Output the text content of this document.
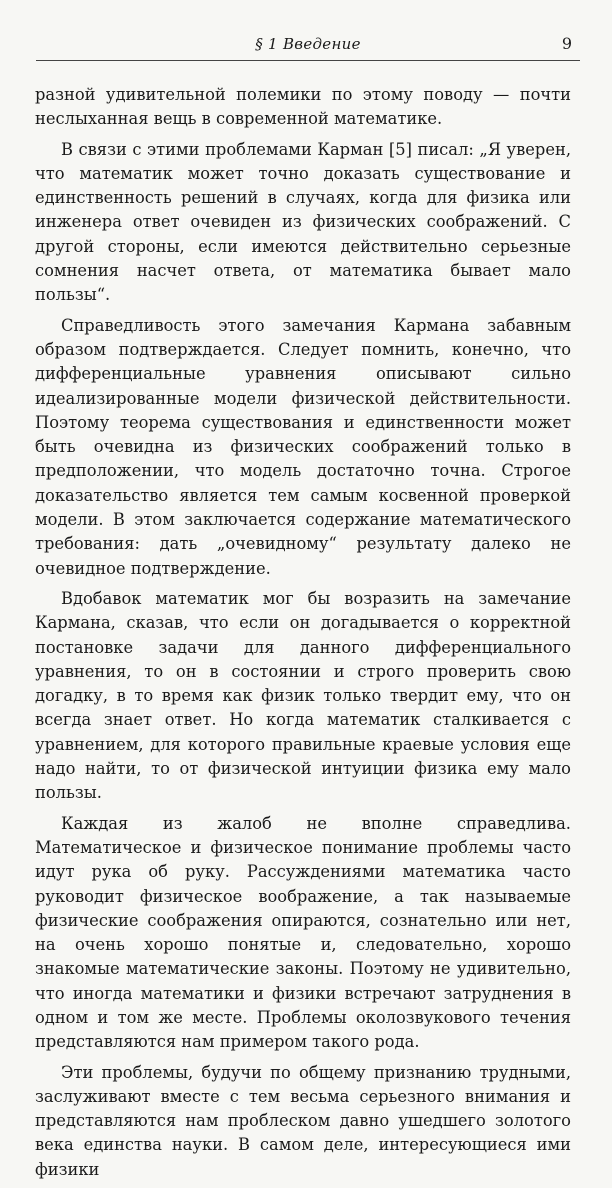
§ 1 Введение	9

разной удивительной полемики по этому поводу — почти неслыханная вещь в современной математике.

В связи с этими проблемами Карман [5] писал: „Я уверен, что математик может точно доказать существование и единственность решений в случаях, когда для физика или инженера ответ очевиден из физических соображений. С другой стороны, если имеются действительно серьезные сомнения насчет ответа, от математика бывает мало пользы“.

Справедливость этого замечания Кармана забавным образом подтверждается. Следует помнить, конечно, что дифференциальные уравнения описывают сильно идеализированные модели физической действительности. Поэтому теорема существования и единственности может быть очевидна из физических соображений только в предположении, что модель достаточно точна. Строгое доказательство является тем самым косвенной проверкой модели. В этом заключается содержание математического требования: дать „очевидному“ результату далеко не очевидное подтверждение.

Вдобавок математик мог бы возразить на замечание Кармана, сказав, что если он догадывается о корректной постановке задачи для данного дифференциального уравнения, то он в состоянии и строго проверить свою догадку, в то время как физик только твердит ему, что он всегда знает ответ. Но когда математик сталкивается с уравнением, для которого правильные краевые условия еще надо найти, то от физической интуиции физика ему мало пользы.

Каждая из жалоб не вполне справедлива. Математическое и физическое понимание проблемы часто идут рука об руку. Рассуждениями математика часто руководит физическое воображение, а так называемые физические соображения опираются, сознательно или нет, на очень хорошо понятые и, следовательно, хорошо знакомые математические законы. Поэтому не удивительно, что иногда математики и физики встречают затруднения в одном и том же месте. Проблемы околозвукового течения представляются нам примером такого рода.

Эти проблемы, будучи по общему признанию трудными, заслуживают вместе с тем весьма серьезного внимания и представляются нам проблеском давно ушедшего золотого века единства науки. В самом деле, интересующиеся ими физики
